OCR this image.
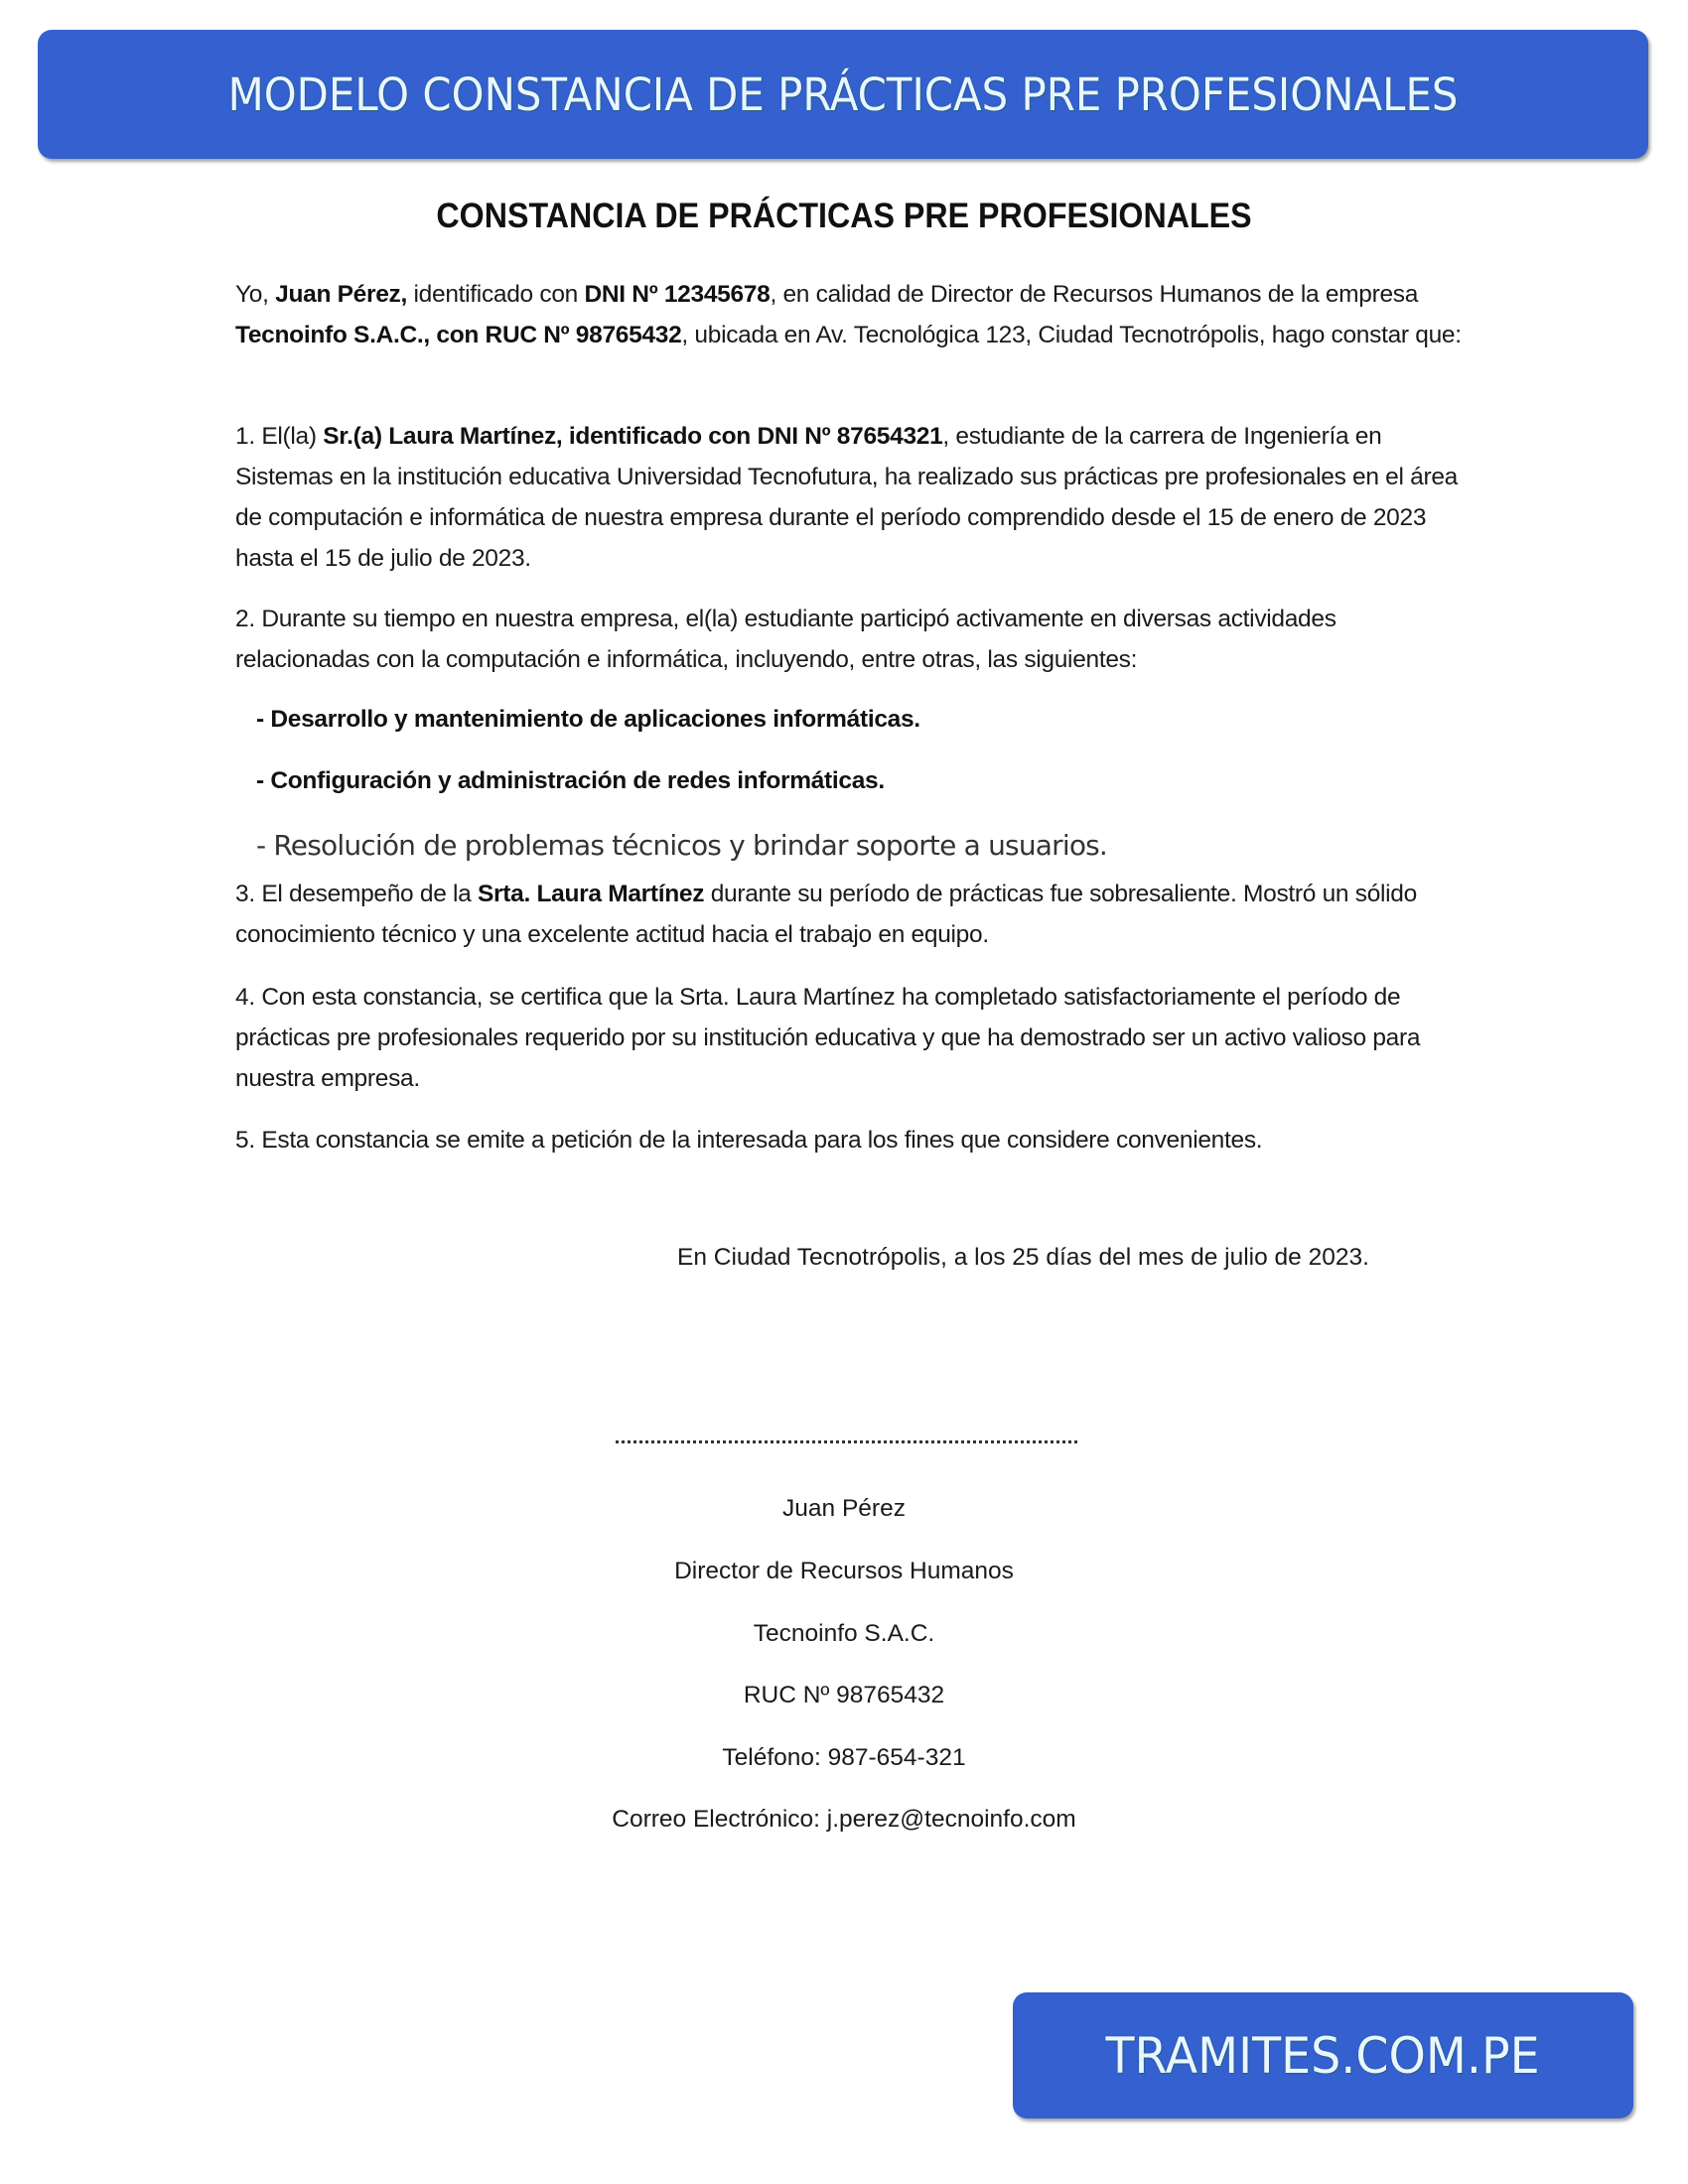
MODELO CONSTANCIA DE PRÁCTICAS PRE PROFESIONALES
CONSTANCIA DE PRÁCTICAS PRE PROFESIONALES
Yo, Juan Pérez, identificado con DNI Nº 12345678, en calidad de Director de Recursos Humanos de la empresa Tecnoinfo S.A.C., con RUC Nº 98765432, ubicada en Av. Tecnológica 123, Ciudad Tecnotrópolis, hago constar que:
1. El(la) Sr.(a) Laura Martínez, identificado con DNI Nº 87654321, estudiante de la carrera de Ingeniería en Sistemas en la institución educativa Universidad Tecnofutura, ha realizado sus prácticas pre profesionales en el área de computación e informática de nuestra empresa durante el período comprendido desde el 15 de enero de 2023 hasta el 15 de julio de 2023.
2. Durante su tiempo en nuestra empresa, el(la) estudiante participó activamente en diversas actividades relacionadas con la computación e informática, incluyendo, entre otras, las siguientes:
- Desarrollo y mantenimiento de aplicaciones informáticas.
- Configuración y administración de redes informáticas.
- Resolución de problemas técnicos y brindar soporte a usuarios.
3. El desempeño de la Srta. Laura Martínez durante su período de prácticas fue sobresaliente. Mostró un sólido conocimiento técnico y una excelente actitud hacia el trabajo en equipo.
4. Con esta constancia, se certifica que la Srta. Laura Martínez ha completado satisfactoriamente el período de prácticas pre profesionales requerido por su institución educativa y que ha demostrado ser un activo valioso para nuestra empresa.
5. Esta constancia se emite a petición de la interesada para los fines que considere convenientes.
En Ciudad Tecnotrópolis, a los 25 días del mes de julio de 2023.
Juan Pérez
Director de Recursos Humanos
Tecnoinfo S.A.C.
RUC Nº 98765432
Teléfono: 987-654-321
Correo Electrónico: j.perez@tecnoinfo.com
TRAMITES.COM.PE
